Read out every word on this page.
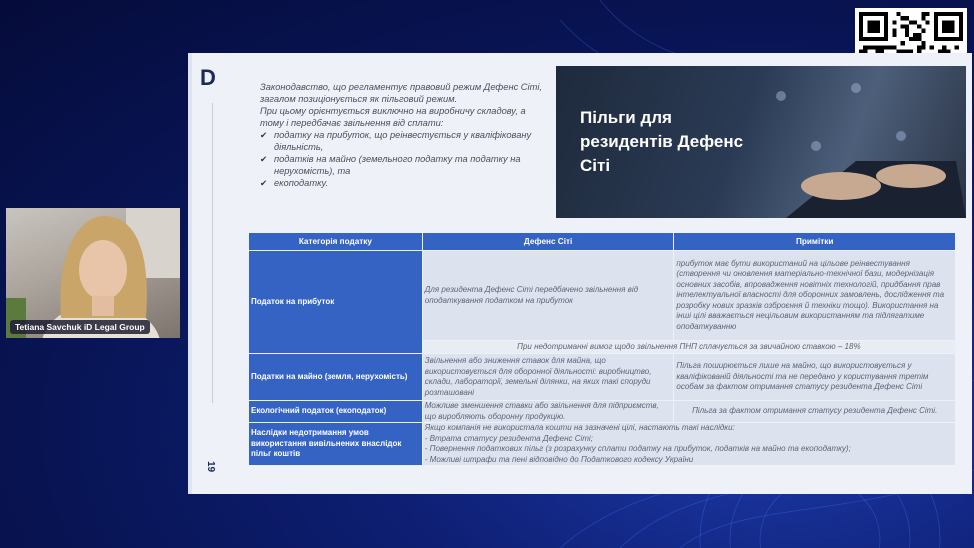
Tetiana Savchuk iD Legal Group
D
19

Законодавство, що регламентує правовий режим Дефенс Сіті, загалом позиціонується як пільговий режим.

При цьому орієнтується виключно на виробничу складову, а тому і передбачає звільнення від сплати:

✔ податку на прибуток, що реінвестується у кваліфіковану діяльність,
✔ податків на майно (земельного податку та податку на нерухомість), та
✔ екоподатку.
Пільги для резидентів Дефенс Сіті
Категорія податку	Дефенс Сіті	Примітки
Податок на прибуток	Для резидента Дефенс Сіті передбачено звільнення від оподаткування податком на прибуток	прибуток має бути використаний на цільове реінвестування (створення чи оновлення матеріально-технічної бази, модернізація основних засобів, впровадження новітніх технологій, придбання прав інтелектуальної власності для оборонних замовлень, дослідження та розробку нових зразків озброєння й техніки тощо). Використання на інші цілі вважається нецільовим використанням та підлягатиме оподаткуванню
	При недотриманні вимог щодо звільнення ПНП сплачується за звичайною ставкою – 18%	
Податки на майно (земля, нерухомість)	Звільнення або зниження ставок для майна, що використовується для оборонної діяльності: виробництво, склади, лабораторії, земельні ділянки, на яких такі споруди розташовані	Пільга поширюється лише на майно, що використовується у кваліфікованій діяльності та не передано у користування третім особам за фактом отримання статусу резидента Дефенс Сіті
Екологічний податок (екоподаток)	Можливе зменшення ставки або звільнення для підприємств, що виробляють оборонну продукцію.	Пільга за фактом отримання статусу резидента Дефенс Сіті.
Наслідки недотримання умов використання вивільнених внаслідок пільг коштів	Якщо компанія не використала кошти на зазначені цілі, настають такі наслідки:
- Втрата статусу резидента Дефенс Сіті;
- Повернення податкових пільг (з розрахунку сплати податку на прибуток, податків на майно та екоподатку);
- Можливі штрафи та пені відповідно до Податкового кодексу України	
